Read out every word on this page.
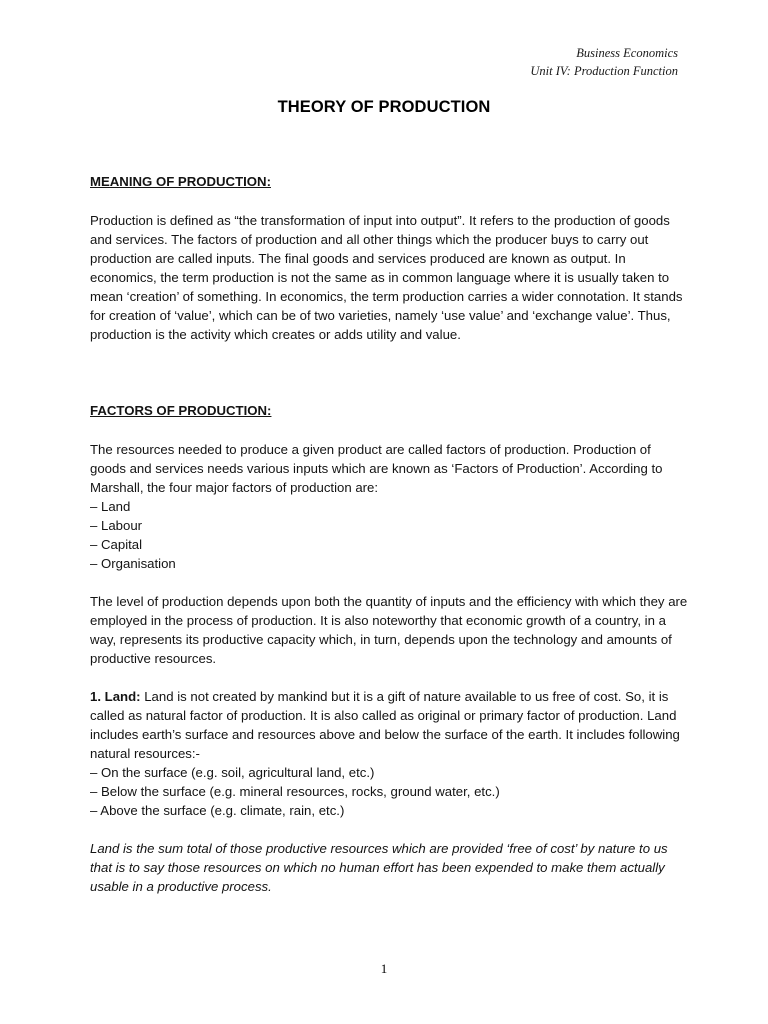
Business Economics
Unit IV: Production Function
THEORY OF PRODUCTION
MEANING OF PRODUCTION:

Production is defined as “the transformation of input into output”. It refers to the production of goods and services. The factors of production and all other things which the producer buys to carry out production are called inputs. The final goods and services produced are known as output. In economics, the term production is not the same as in common language where it is usually taken to mean ‘creation’ of something. In economics, the term production carries a wider connotation. It stands for creation of ‘value’, which can be of two varieties, namely ‘use value’ and ‘exchange value’. Thus, production is the activity which creates or adds utility and value.

FACTORS OF PRODUCTION:

The resources needed to produce a given product are called factors of production. Production of goods and services needs various inputs which are known as ‘Factors of Production’. According to Marshall, the four major factors of production are:

– Land

– Labour

– Capital

– Organisation

The level of production depends upon both the quantity of inputs and the efficiency with which they are employed in the process of production. It is also noteworthy that economic growth of a country, in a way, represents its productive capacity which, in turn, depends upon the technology and amounts of productive resources.

1. Land: Land is not created by mankind but it is a gift of nature available to us free of cost. So, it is called as natural factor of production. It is also called as original or primary factor of production. Land includes earth’s surface and resources above and below the surface of the earth. It includes following natural resources:-

– On the surface (e.g. soil, agricultural land, etc.)

– Below the surface (e.g. mineral resources, rocks, ground water, etc.)

– Above the surface (e.g. climate, rain, etc.)

Land is the sum total of those productive resources which are provided ‘free of cost’ by nature to us that is to say those resources on which no human effort has been expended to make them actually usable in a productive process.

1
